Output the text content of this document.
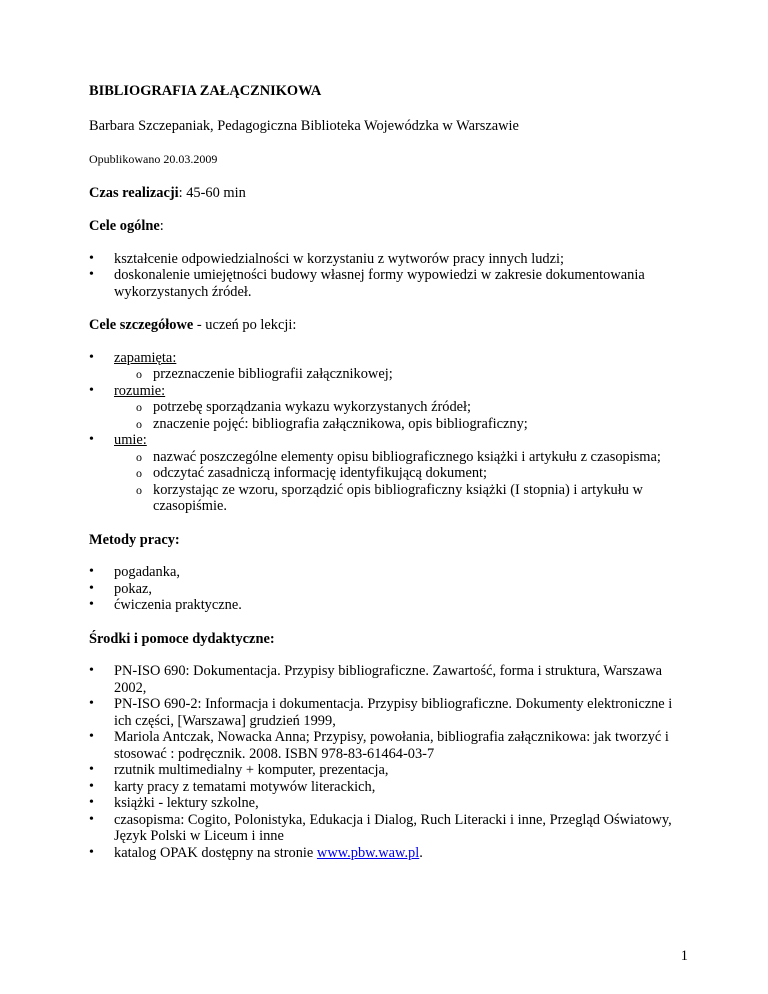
BIBLIOGRAFIA ZAŁĄCZNIKOWA

Barbara Szczepaniak, Pedagogiczna Biblioteka Wojewódzka w Warszawie

Opublikowano 20.03.2009

Czas realizacji: 45-60 min

Cele ogólne:

• kształcenie odpowiedzialności w korzystaniu z wytworów pracy innych ludzi;
• doskonalenie umiejętności budowy własnej formy wypowiedzi w zakresie dokumentowania wykorzystanych źródeł.

Cele szczegółowe - uczeń po lekcji:

• zapamięta:
o przeznaczenie bibliografii załącznikowej;
• rozumie:
o potrzebę sporządzania wykazu wykorzystanych źródeł;
o znaczenie pojęć: bibliografia załącznikowa, opis bibliograficzny;
• umie:
o nazwać poszczególne elementy opisu bibliograficznego książki i artykułu z czasopisma;
o odczytać zasadniczą informację identyfikującą dokument;
o korzystając ze wzoru, sporządzić opis bibliograficzny książki (I stopnia) i artykułu w czasopiśmie.

Metody pracy:

• pogadanka,
• pokaz,
• ćwiczenia praktyczne.

Środki i pomoce dydaktyczne:

• PN-ISO 690: Dokumentacja. Przypisy bibliograficzne. Zawartość, forma i struktura, Warszawa 2002,
• PN-ISO 690-2: Informacja i dokumentacja. Przypisy bibliograficzne. Dokumenty elektroniczne i ich części, [Warszawa] grudzień 1999,
• Mariola Antczak, Nowacka Anna; Przypisy, powołania, bibliografia załącznikowa: jak tworzyć i stosować : podręcznik. 2008. ISBN 978-83-61464-03-7
• rzutnik multimedialny + komputer, prezentacja,
• karty pracy z tematami motywów literackich,
• książki - lektury szkolne,
• czasopisma: Cogito, Polonistyka, Edukacja i Dialog, Ruch Literacki i inne, Przegląd Oświatowy, Język Polski w Liceum i inne
• katalog OPAK dostępny na stronie www.pbw.waw.pl.
1
